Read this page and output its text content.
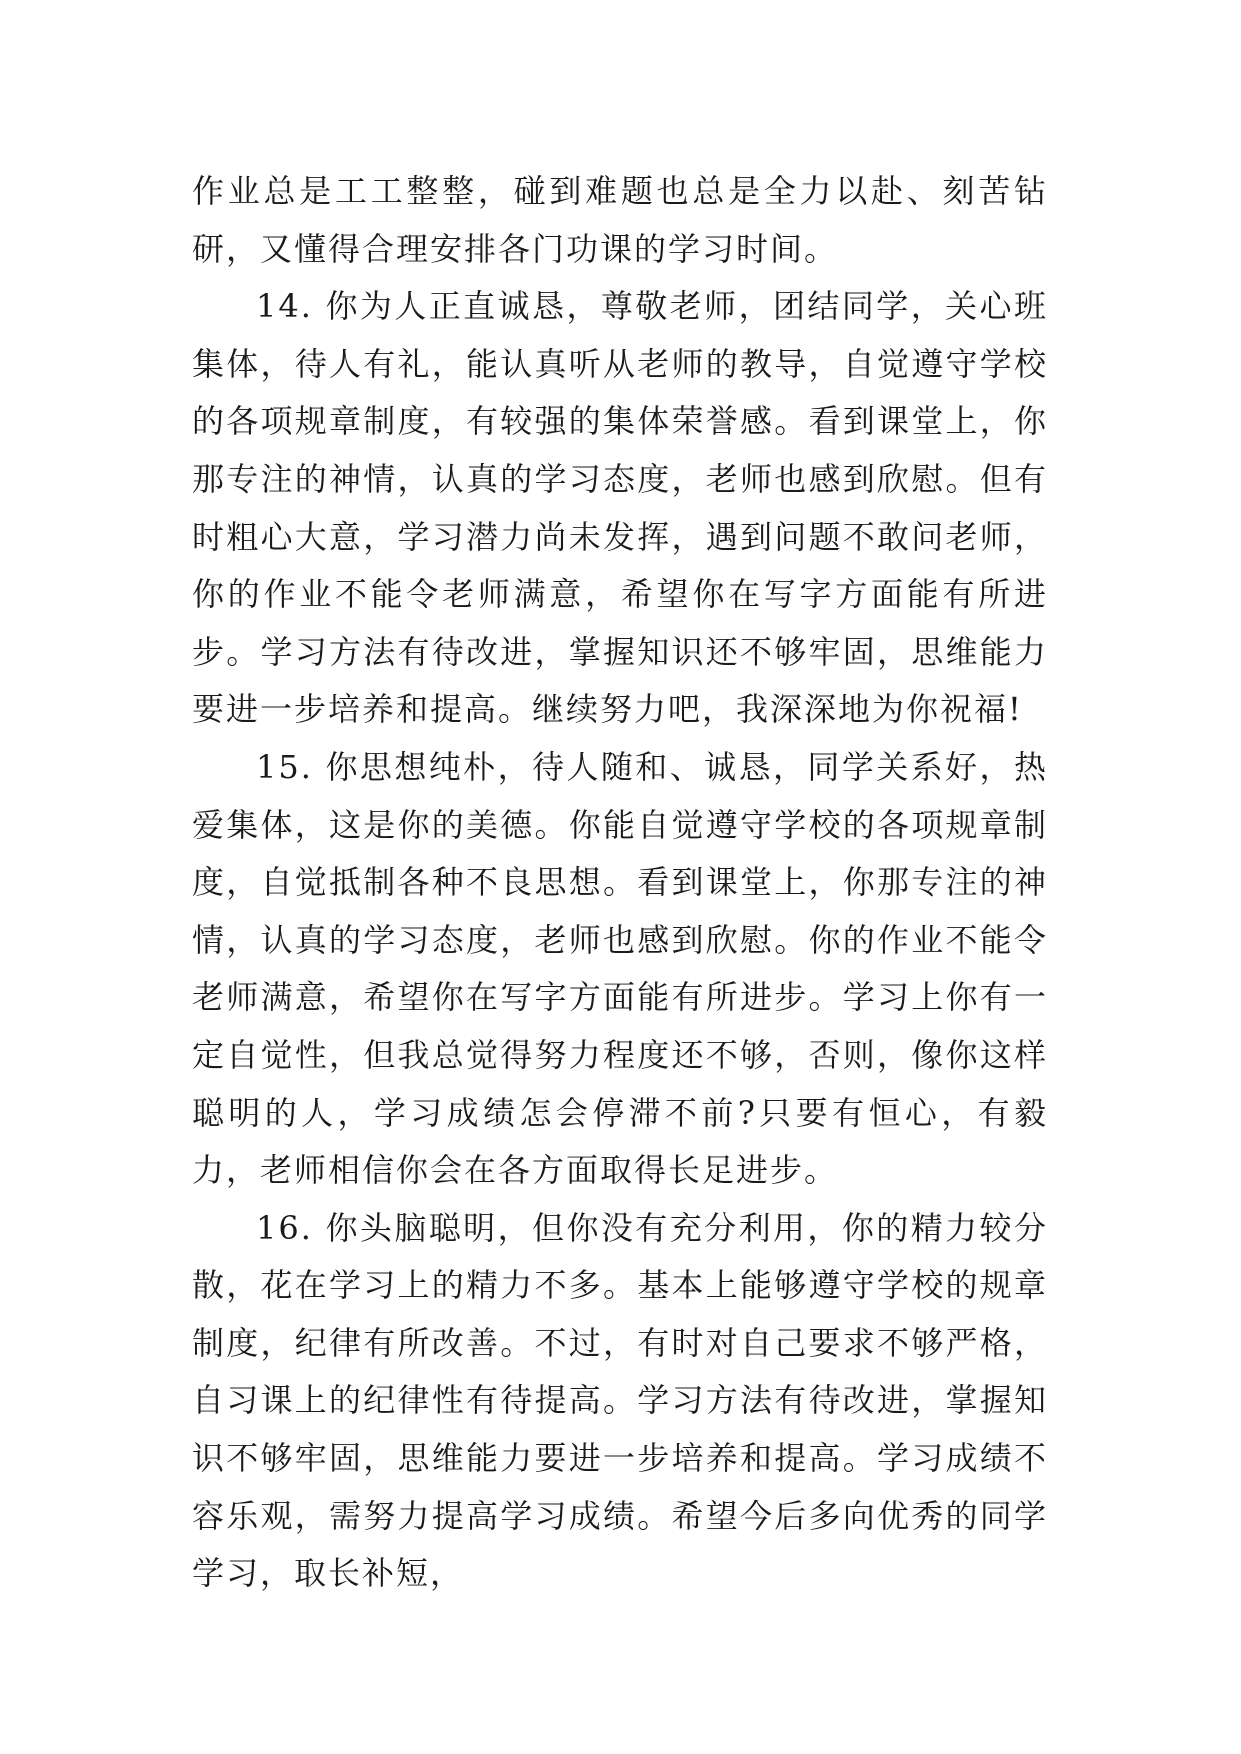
作业总是工工整整，碰到难题也总是全力以赴、刻苦钻研，又懂得合理安排各门功课的学习时间。

14. 你为人正直诚恳，尊敬老师，团结同学，关心班集体，待人有礼，能认真听从老师的教导，自觉遵守学校的各项规章制度，有较强的集体荣誉感。看到课堂上，你那专注的神情，认真的学习态度，老师也感到欣慰。但有时粗心大意，学习潜力尚未发挥，遇到问题不敢问老师，你的作业不能令老师满意，希望你在写字方面能有所进步。学习方法有待改进，掌握知识还不够牢固，思维能力要进一步培养和提高。继续努力吧，我深深地为你祝福!

15. 你思想纯朴，待人随和、诚恳，同学关系好，热爱集体，这是你的美德。你能自觉遵守学校的各项规章制度，自觉抵制各种不良思想。看到课堂上，你那专注的神情，认真的学习态度，老师也感到欣慰。你的作业不能令老师满意，希望你在写字方面能有所进步。学习上你有一定自觉性，但我总觉得努力程度还不够，否则，像你这样聪明的人，学习成绩怎会停滞不前?只要有恒心，有毅力，老师相信你会在各方面取得长足进步。

16. 你头脑聪明，但你没有充分利用，你的精力较分散，花在学习上的精力不多。基本上能够遵守学校的规章制度，纪律有所改善。不过，有时对自己要求不够严格，自习课上的纪律性有待提高。学习方法有待改进，掌握知识不够牢固，思维能力要进一步培养和提高。学习成绩不容乐观，需努力提高学习成绩。希望今后多向优秀的同学学习，取长补短，
